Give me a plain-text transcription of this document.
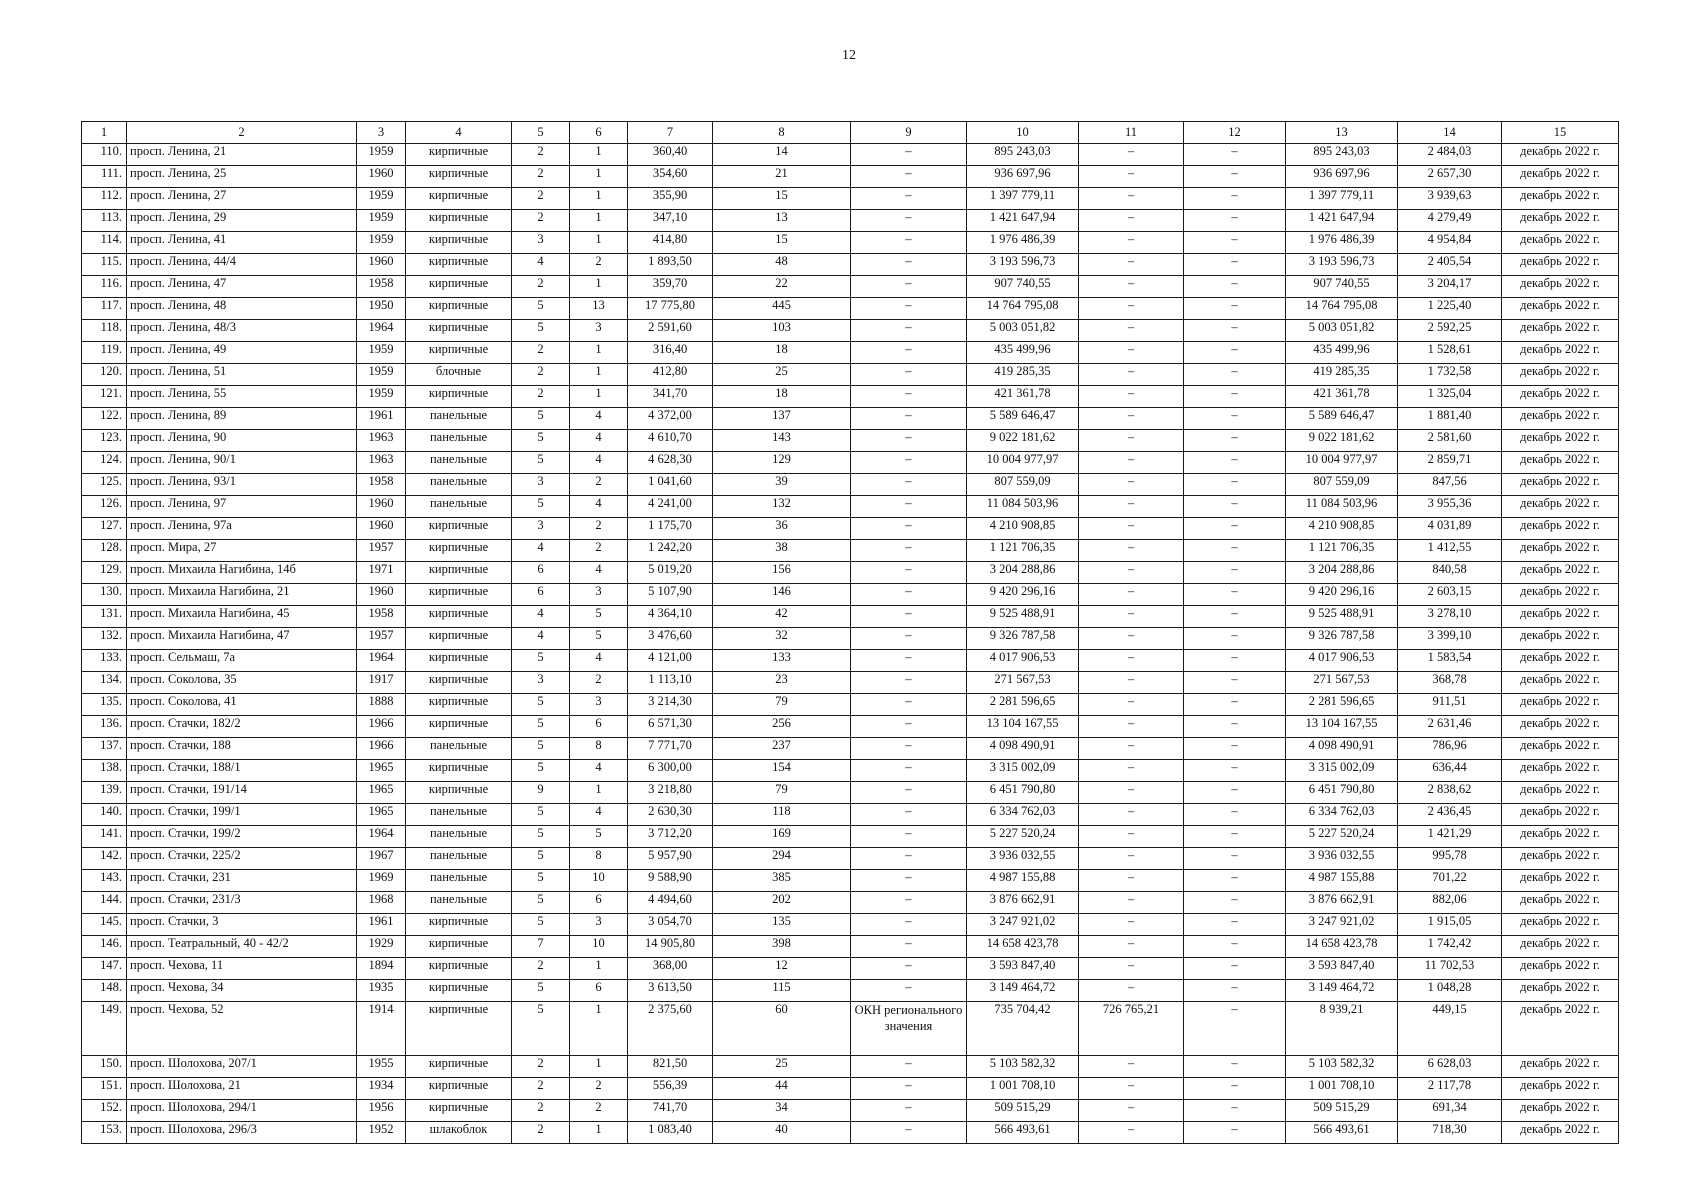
12
1	2	3	4	5	6	7	8	9	10	11	12	13	14	15
110.	просп. Ленина, 21	1959	кирпичные	2	1	360,40	14	–	895 243,03	–	–	895 243,03	2 484,03	декабрь 2022 г.
111.	просп. Ленина, 25	1960	кирпичные	2	1	354,60	21	–	936 697,96	–	–	936 697,96	2 657,30	декабрь 2022 г.
112.	просп. Ленина, 27	1959	кирпичные	2	1	355,90	15	–	1 397 779,11	–	–	1 397 779,11	3 939,63	декабрь 2022 г.
113.	просп. Ленина, 29	1959	кирпичные	2	1	347,10	13	–	1 421 647,94	–	–	1 421 647,94	4 279,49	декабрь 2022 г.
114.	просп. Ленина, 41	1959	кирпичные	3	1	414,80	15	–	1 976 486,39	–	–	1 976 486,39	4 954,84	декабрь 2022 г.
115.	просп. Ленина, 44/4	1960	кирпичные	4	2	1 893,50	48	–	3 193 596,73	–	–	3 193 596,73	2 405,54	декабрь 2022 г.
116.	просп. Ленина, 47	1958	кирпичные	2	1	359,70	22	–	907 740,55	–	–	907 740,55	3 204,17	декабрь 2022 г.
117.	просп. Ленина, 48	1950	кирпичные	5	13	17 775,80	445	–	14 764 795,08	–	–	14 764 795,08	1 225,40	декабрь 2022 г.
118.	просп. Ленина, 48/3	1964	кирпичные	5	3	2 591,60	103	–	5 003 051,82	–	–	5 003 051,82	2 592,25	декабрь 2022 г.
119.	просп. Ленина, 49	1959	кирпичные	2	1	316,40	18	–	435 499,96	–	–	435 499,96	1 528,61	декабрь 2022 г.
120.	просп. Ленина, 51	1959	блочные	2	1	412,80	25	–	419 285,35	–	–	419 285,35	1 732,58	декабрь 2022 г.
121.	просп. Ленина, 55	1959	кирпичные	2	1	341,70	18	–	421 361,78	–	–	421 361,78	1 325,04	декабрь 2022 г.
122.	просп. Ленина, 89	1961	панельные	5	4	4 372,00	137	–	5 589 646,47	–	–	5 589 646,47	1 881,40	декабрь 2022 г.
123.	просп. Ленина, 90	1963	панельные	5	4	4 610,70	143	–	9 022 181,62	–	–	9 022 181,62	2 581,60	декабрь 2022 г.
124.	просп. Ленина, 90/1	1963	панельные	5	4	4 628,30	129	–	10 004 977,97	–	–	10 004 977,97	2 859,71	декабрь 2022 г.
125.	просп. Ленина, 93/1	1958	панельные	3	2	1 041,60	39	–	807 559,09	–	–	807 559,09	847,56	декабрь 2022 г.
126.	просп. Ленина, 97	1960	панельные	5	4	4 241,00	132	–	11 084 503,96	–	–	11 084 503,96	3 955,36	декабрь 2022 г.
127.	просп. Ленина, 97а	1960	кирпичные	3	2	1 175,70	36	–	4 210 908,85	–	–	4 210 908,85	4 031,89	декабрь 2022 г.
128.	просп. Мира, 27	1957	кирпичные	4	2	1 242,20	38	–	1 121 706,35	–	–	1 121 706,35	1 412,55	декабрь 2022 г.
129.	просп. Михаила Нагибина, 14б	1971	кирпичные	6	4	5 019,20	156	–	3 204 288,86	–	–	3 204 288,86	840,58	декабрь 2022 г.
130.	просп. Михаила Нагибина, 21	1960	кирпичные	6	3	5 107,90	146	–	9 420 296,16	–	–	9 420 296,16	2 603,15	декабрь 2022 г.
131.	просп. Михаила Нагибина, 45	1958	кирпичные	4	5	4 364,10	42	–	9 525 488,91	–	–	9 525 488,91	3 278,10	декабрь 2022 г.
132.	просп. Михаила Нагибина, 47	1957	кирпичные	4	5	3 476,60	32	–	9 326 787,58	–	–	9 326 787,58	3 399,10	декабрь 2022 г.
133.	просп. Сельмаш, 7а	1964	кирпичные	5	4	4 121,00	133	–	4 017 906,53	–	–	4 017 906,53	1 583,54	декабрь 2022 г.
134.	просп. Соколова, 35	1917	кирпичные	3	2	1 113,10	23	–	271 567,53	–	–	271 567,53	368,78	декабрь 2022 г.
135.	просп. Соколова, 41	1888	кирпичные	5	3	3 214,30	79	–	2 281 596,65	–	–	2 281 596,65	911,51	декабрь 2022 г.
136.	просп. Стачки, 182/2	1966	кирпичные	5	6	6 571,30	256	–	13 104 167,55	–	–	13 104 167,55	2 631,46	декабрь 2022 г.
137.	просп. Стачки, 188	1966	панельные	5	8	7 771,70	237	–	4 098 490,91	–	–	4 098 490,91	786,96	декабрь 2022 г.
138.	просп. Стачки, 188/1	1965	кирпичные	5	4	6 300,00	154	–	3 315 002,09	–	–	3 315 002,09	636,44	декабрь 2022 г.
139.	просп. Стачки, 191/14	1965	кирпичные	9	1	3 218,80	79	–	6 451 790,80	–	–	6 451 790,80	2 838,62	декабрь 2022 г.
140.	просп. Стачки, 199/1	1965	панельные	5	4	2 630,30	118	–	6 334 762,03	–	–	6 334 762,03	2 436,45	декабрь 2022 г.
141.	просп. Стачки, 199/2	1964	панельные	5	5	3 712,20	169	–	5 227 520,24	–	–	5 227 520,24	1 421,29	декабрь 2022 г.
142.	просп. Стачки, 225/2	1967	панельные	5	8	5 957,90	294	–	3 936 032,55	–	–	3 936 032,55	995,78	декабрь 2022 г.
143.	просп. Стачки, 231	1969	панельные	5	10	9 588,90	385	–	4 987 155,88	–	–	4 987 155,88	701,22	декабрь 2022 г.
144.	просп. Стачки, 231/3	1968	панельные	5	6	4 494,60	202	–	3 876 662,91	–	–	3 876 662,91	882,06	декабрь 2022 г.
145.	просп. Стачки, 3	1961	кирпичные	5	3	3 054,70	135	–	3 247 921,02	–	–	3 247 921,02	1 915,05	декабрь 2022 г.
146.	просп. Театральный, 40 - 42/2	1929	кирпичные	7	10	14 905,80	398	–	14 658 423,78	–	–	14 658 423,78	1 742,42	декабрь 2022 г.
147.	просп. Чехова, 11	1894	кирпичные	2	1	368,00	12	–	3 593 847,40	–	–	3 593 847,40	11 702,53	декабрь 2022 г.
148.	просп. Чехова, 34	1935	кирпичные	5	6	3 613,50	115	–	3 149 464,72	–	–	3 149 464,72	1 048,28	декабрь 2022 г.
149.	просп. Чехова, 52	1914	кирпичные	5	1	2 375,60	60	ОКН регионального значения	735 704,42	726 765,21	–	8 939,21	449,15	декабрь 2022 г.
150.	просп. Шолохова, 207/1	1955	кирпичные	2	1	821,50	25	–	5 103 582,32	–	–	5 103 582,32	6 628,03	декабрь 2022 г.
151.	просп. Шолохова, 21	1934	кирпичные	2	2	556,39	44	–	1 001 708,10	–	–	1 001 708,10	2 117,78	декабрь 2022 г.
152.	просп. Шолохова, 294/1	1956	кирпичные	2	2	741,70	34	–	509 515,29	–	–	509 515,29	691,34	декабрь 2022 г.
153.	просп. Шолохова, 296/3	1952	шлакоблок	2	1	1 083,40	40	–	566 493,61	–	–	566 493,61	718,30	декабрь 2022 г.
